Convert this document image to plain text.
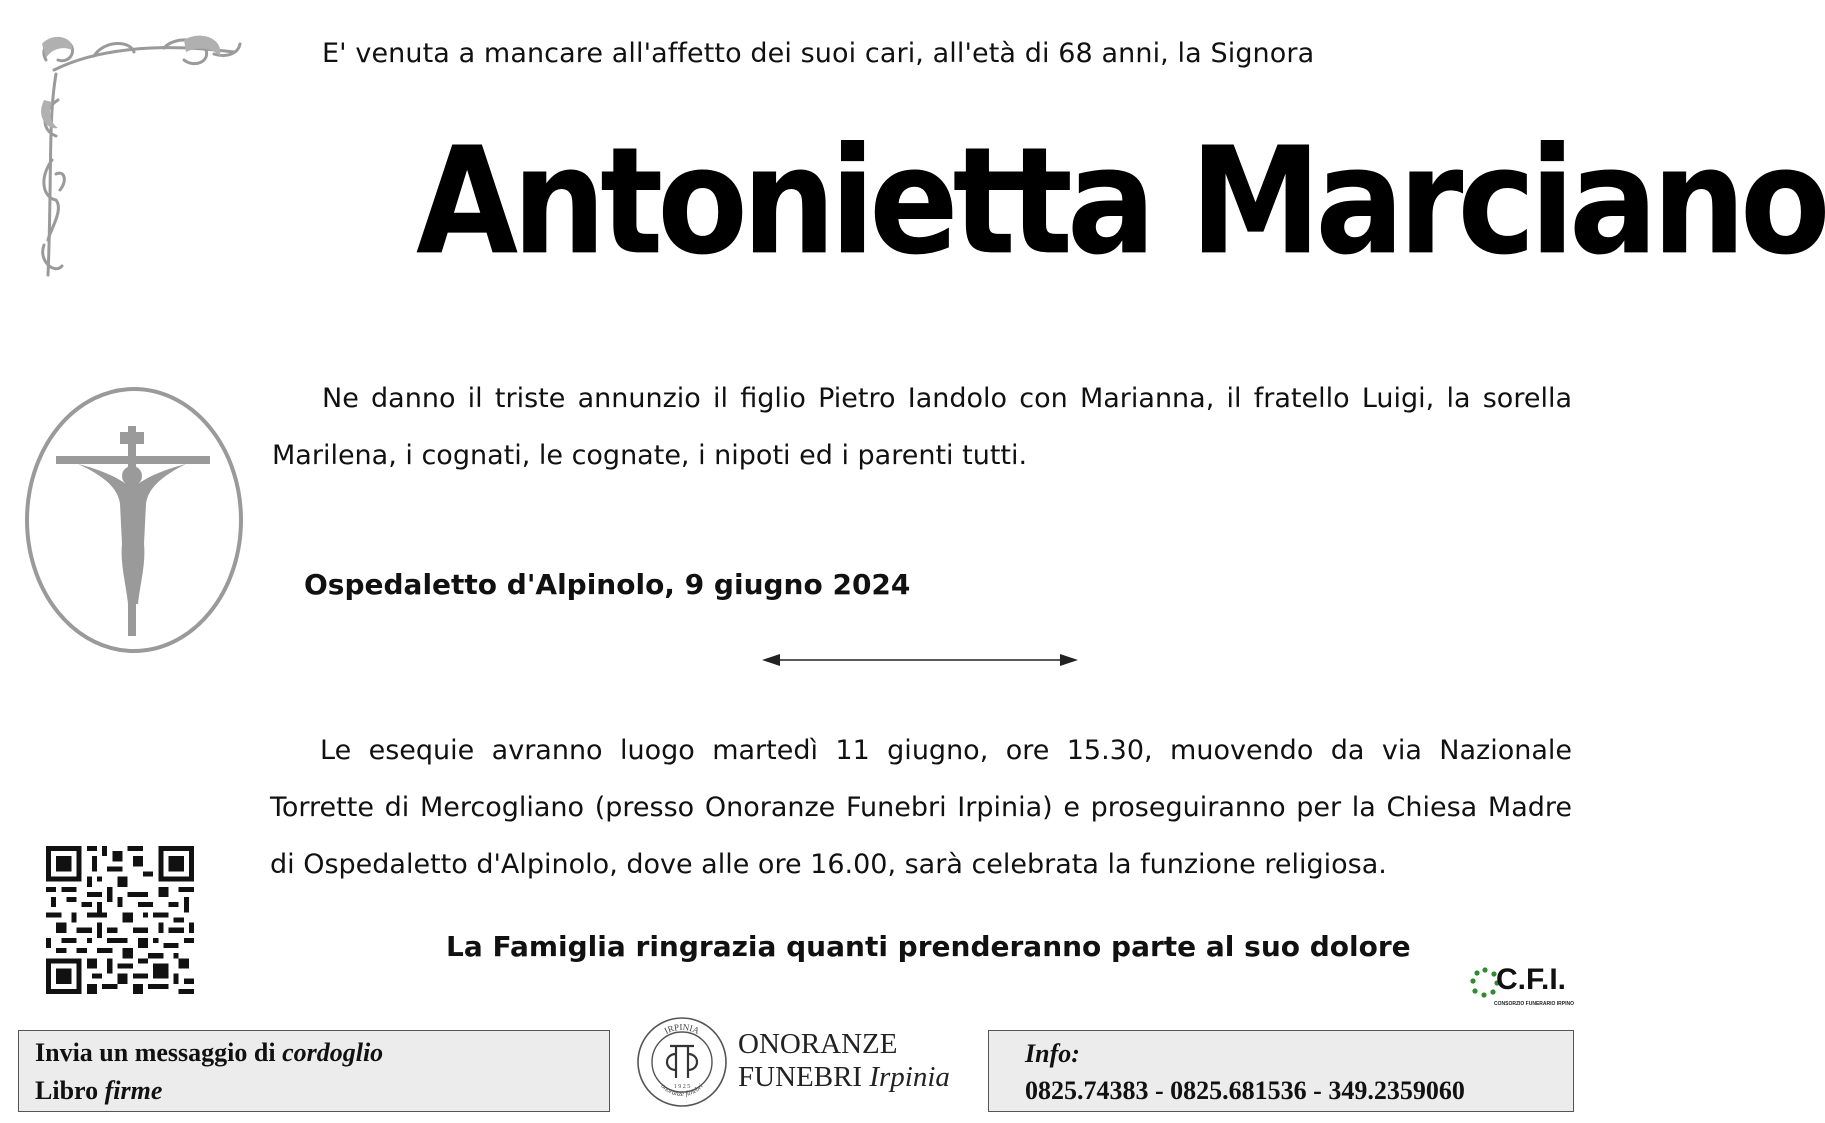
E' venuta a mancare all'affetto dei suoi cari, all'età di 68 anni, la Signora
Antonietta Marciano
Ne danno il triste annunzio il figlio Pietro Iandolo con Marianna, il fratello Luigi, la sorella Marilena, i cognati, le cognate, i nipoti ed i parenti tutti.
Ospedaletto d'Alpinolo, 9 giugno 2024
Le esequie avranno luogo martedì 11 giugno, ore 15.30, muovendo da via Nazionale Torrette di Mercogliano (presso Onoranze Funebri Irpinia) e proseguiranno per la Chiesa Madre di Ospedaletto d'Alpinolo, dove alle ore 16.00, sarà celebrata la funzione religiosa.
La Famiglia ringrazia quanti prenderanno parte al suo dolore
C.F.I.
CONSORZIO FUNERARIO IRPINO
Invia un messaggio di cordoglio
Libro firme
IRPINIA
onoranze funebri
1 9 2 5
ONORANZE
FUNEBRI Irpinia
Info:
0825.74383 - 0825.681536 - 349.2359060
